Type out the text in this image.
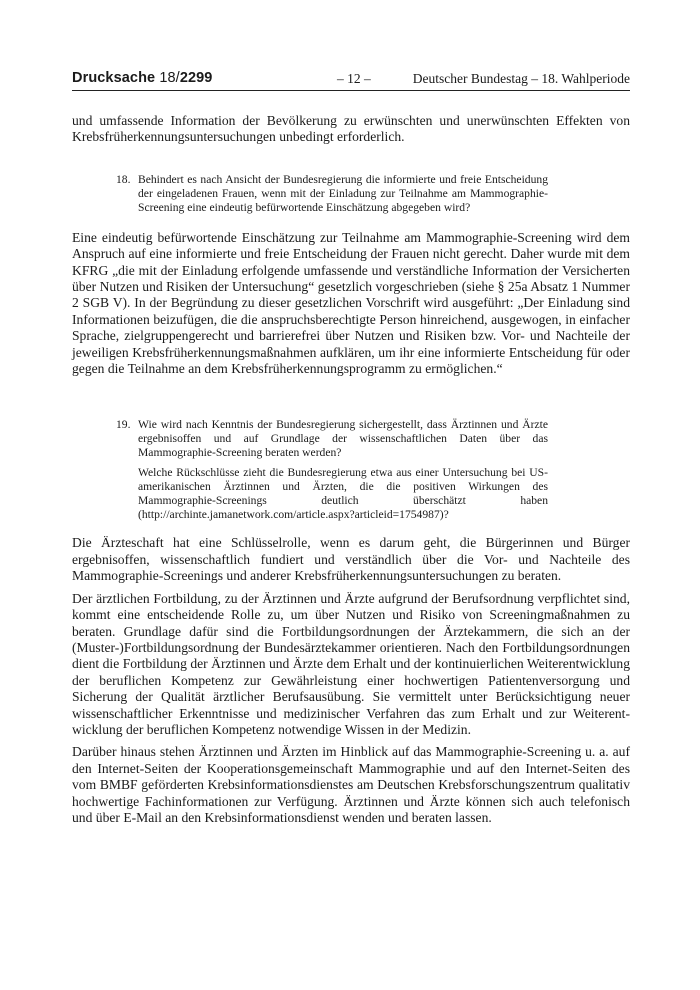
Drucksache 18/2299	– 12 –	Deutscher Bundestag – 18. Wahlperiode

und umfassende Information der Bevölkerung zu erwünschten und unerwünschten Effekten von Krebsfrüherkennungsuntersuchungen unbedingt erforderlich.

18. Behindert es nach Ansicht der Bundesregierung die informierte und freie Entscheidung der eingeladenen Frauen, wenn mit der Einladung zur Teilnahme am Mammographie-Screening eine eindeutig befürwortende Einschätzung abgegeben wird?

Eine eindeutig befürwortende Einschätzung zur Teilnahme am Mammographie-Screening wird dem Anspruch auf eine informierte und freie Entscheidung der Frauen nicht gerecht. Daher wurde mit dem KFRG „die mit der Einladung erfolgende umfassende und verständliche Information der Versicherten über Nutzen und Risiken der Untersuchung“ gesetzlich vorgeschrieben (siehe § 25a Absatz 1 Nummer 2 SGB V). In der Begründung zu dieser gesetzlichen Vorschrift wird ausgeführt: „Der Einladung sind Informationen beizufügen, die die anspruchsberechtigte Person hinreichend, ausgewogen, in einfacher Sprache, zielgruppengerecht und barrierefrei über Nutzen und Risiken bzw. Vor- und Nachteile der jeweiligen Krebsfrüherkennungsmaßnahmen aufklären, um ihr eine informierte Entscheidung für oder gegen die Teilnahme an dem Krebsfrüherkennungsprogramm zu ermöglichen.“

19. Wie wird nach Kenntnis der Bundesregierung sichergestellt, dass Ärztinnen und Ärzte ergebnisoffen und auf Grundlage der wissenschaftlichen Daten über das Mammographie-Screening beraten werden?

Welche Rückschlüsse zieht die Bundesregierung etwa aus einer Untersuchung bei US-amerikanischen Ärztinnen und Ärzten, die die positiven Wirkungen des Mammographie-Screenings deutlich überschätzt haben (http://archinte.jamanetwork.com/article.aspx?articleid=1754987)?

Die Ärzteschaft hat eine Schlüsselrolle, wenn es darum geht, die Bürgerinnen und Bürger ergebnisoffen, wissenschaftlich fundiert und verständlich über die Vor- und Nachteile des Mammographie-Screenings und anderer Krebsfrüherkennungsuntersuchungen zu beraten.

Der ärztlichen Fortbildung, zu der Ärztinnen und Ärzte aufgrund der Berufsordnung verpflichtet sind, kommt eine entscheidende Rolle zu, um über Nutzen und Risiko von Screeningmaßnahmen zu beraten. Grundlage dafür sind die Fortbildungsordnungen der Ärztekammern, die sich an der (Muster-)Fortbildungsordnung der Bundesärztekammer orientieren. Nach den Fortbildungsordnungen dient die Fortbildung der Ärztinnen und Ärzte dem Erhalt und der kontinuierlichen Weiterentwicklung der beruflichen Kompetenz zur Gewährleistung einer hochwertigen Patientenversorgung und Sicherung der Qualität ärztlicher Berufsausübung. Sie vermittelt unter Berücksichtigung neuer wissenschaftlicher Erkenntnisse und medizinischer Verfahren das zum Erhalt und zur Weiterentwicklung der beruflichen Kompetenz notwendige Wissen in der Medizin.

Darüber hinaus stehen Ärztinnen und Ärzten im Hinblick auf das Mammographie-Screening u. a. auf den Internet-Seiten der Kooperationsgemeinschaft Mammographie und auf den Internet-Seiten des vom BMBF geförderten Krebsinformationsdienstes am Deutschen Krebsforschungszentrum qualitativ hochwertige Fachinformationen zur Verfügung. Ärztinnen und Ärzte können sich auch telefonisch und über E-Mail an den Krebsinformationsdienst wenden und beraten lassen.
